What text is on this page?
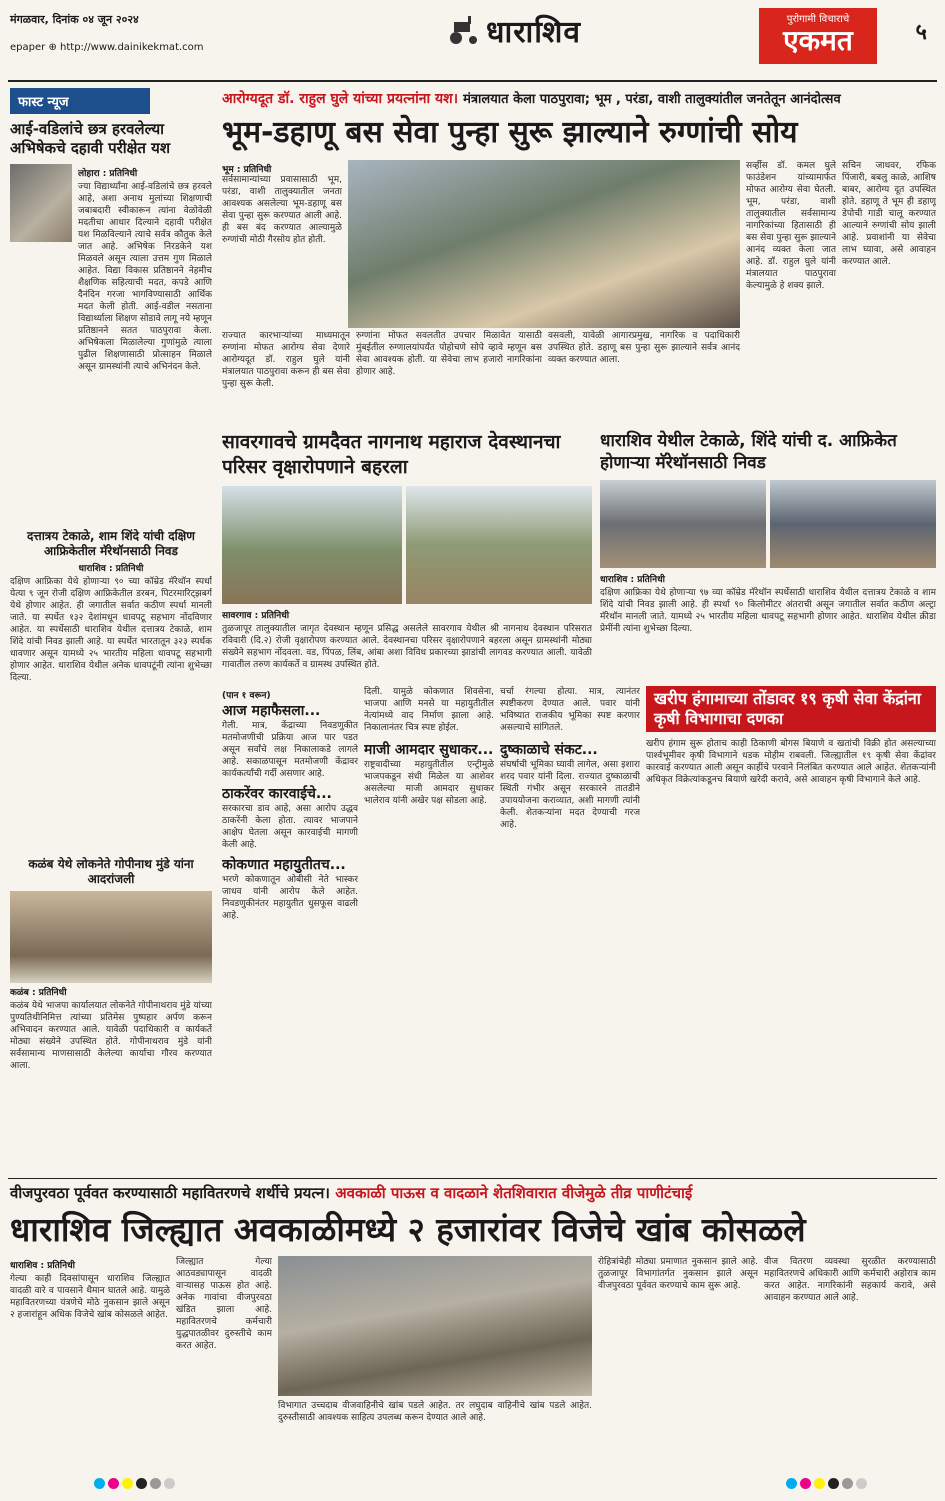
मंगळवार, दिनांक ०४ जून २०२४
epaper ⊕ http://www.dainikekmat.com	धाराशिव	पुरोगामी विचाराचे
एकमत	५
फास्ट न्यूज
आई-वडिलांचे छत्र हरवलेल्या अभिषेकचे दहावी परीक्षेत यश
लोहारा : प्रतिनिधी
ज्या विद्यार्थ्यांना आई-वडिलांचे छत्र हरवले आहे, अशा अनाथ मुलांच्या शिक्षणाची जबाबदारी स्वीकारून त्यांना वेळोवेळी मदतीचा आधार दिल्याने दहावी परीक्षेत यश मिळविल्याने त्याचे सर्वत्र कौतुक केले जात आहे. अभिषेक निरडकेने यश मिळवले असून त्याला उत्तम गुण मिळाले आहेत. विद्या विकास प्रतिष्ठानने नेहमीच शैक्षणिक सहित्याची मदत, कपडे आणि दैनंदिन गरजा भागविण्यासाठी आर्थिक मदत केली होती. आई-वडील नसताना विद्यार्थ्याला शिक्षण सोडावे लागू नये म्हणून प्रतिष्ठानने सतत पाठपुरावा केला. अभिषेकला मिळालेल्या गुणांमुळे त्याला पुढील शिक्षणासाठी प्रोत्साहन मिळाले असून ग्रामस्थांनी त्याचे अभिनंदन केले.
दत्तात्रय टेकाळे, शाम शिंदे यांची दक्षिण आफ्रिकेतील मॅरेथॉनसाठी निवड
धाराशिव : प्रतिनिधी
दक्षिण आफ्रिका येथे होणाऱ्या ९० च्या कॉम्रेड मॅरेथॉन स्पर्धा येत्या ९ जून रोजी दक्षिण आफ्रिकेतील डरबन, पिटरमारिट्झबर्ग येथे होणार आहेत. ही जगातील सर्वात कठीण स्पर्धा मानली जाते. या स्पर्धेत १३२ देशांमधून धावपटू सहभाग नोंदविणार आहेत. या स्पर्धेसाठी धाराशिव येथील दत्तात्रय टेकाळे, शाम शिंदे यांची निवड झाली आहे. या स्पर्धेत भारतातून ३२३ स्पर्धक धावणार असून यामध्ये २५ भारतीय महिला धावपटू सहभागी होणार आहेत. धाराशिव येथील अनेक धावपटूंनी त्यांना शुभेच्छा दिल्या.
कळंब येथे लोकनेते गोपीनाथ मुंडे यांना आदरांजली
कळंब : प्रतिनिधी
कळंब येथे भाजपा कार्यालयात लोकनेते गोपीनाथराव मुंडे यांच्या पुण्यतिथीनिमित्त त्यांच्या प्रतिमेस पुष्पहार अर्पण करून अभिवादन करण्यात आले. यावेळी पदाधिकारी व कार्यकर्ते मोठ्या संख्येने उपस्थित होते. गोपीनाथराव मुंडे यांनी सर्वसामान्य माणसासाठी केलेल्या कार्याचा गौरव करण्यात आला.
आरोग्यदूत डॉ. राहुल घुले यांच्या प्रयत्नांना यश। मंत्रालयात केला पाठपुरावा; भूम , परंडा, वाशी तालुक्यांतील जनतेतून आनंदोत्सव
भूम-डहाणू बस सेवा पुन्हा सुरू झाल्याने रुग्णांची सोय
भूम : प्रतिनिधी
सर्वसामान्यांच्या प्रवासासाठी भूम, परंडा, वाशी तालुक्यातील जनता आवश्यक असलेल्या भूम-डहाणू बस सेवा पुन्हा सुरू करण्यात आली आहे. ही बस बंद करण्यात आल्यामुळे रुग्णांची मोठी गैरसोय होत होती.
सर्व्हीस डॉ. कमल घुले फाउंडेशन यांच्यामार्फत मोफत आरोग्य सेवा घेतली. भूम, परंडा, वाशी तालुक्यातील सर्वसामान्य नागरिकांच्या हितासाठी ही बस सेवा पुन्हा सुरू झाल्याने आनंद व्यक्त केला जात आहे. डॉ. राहुल घुले यांनी मंत्रालयात पाठपुरावा केल्यामुळे हे शक्य झाले.
सचिन जाधवर, रफिक पिंजारी, बबलु काळे, आशिष बाबर, आरोग्य दूत उपस्थित होते. डहाणू ते भूम ही डहाणू डेपोची गाडी चालू करण्यात आल्याने रुग्णांची सोय झाली आहे. प्रवाशांनी या सेवेचा लाभ घ्यावा, असे आवाहन करण्यात आले.
राज्यात कारभाऱ्यांच्या माध्यमातून रुग्णांना मोफत आरोग्य सेवा देणारे आरोग्यदूत डॉ. राहुल घुले यांनी मंत्रालयात पाठपुरावा करून ही बस सेवा पुन्हा सुरू केली.
रुग्णांना मोफत सवलतीत उपचार मिळावेत यासाठी मुंबईतील रुग्णालयांपर्यंत पोहोचणे सोपे व्हावे म्हणून बस सेवा आवश्यक होती. या सेवेचा लाभ हजारो नागरिकांना होणार आहे.
वसवली, यावेळी आगारप्रमुख, नागरिक व पदाधिकारी उपस्थित होते. डहाणू बस पुन्हा सुरू झाल्याने सर्वत्र आनंद व्यक्त करण्यात आला.
सावरगावचे ग्रामदैवत नागनाथ महाराज देवस्थानचा परिसर वृक्षारोपणाने बहरला
सावरगाव : प्रतिनिधी
तुळजापूर तालुक्यातील जागृत देवस्थान म्हणून प्रसिद्ध असलेले सावरगाव येथील श्री नागनाथ देवस्थान परिसरात रविवारी (दि.२) रोजी वृक्षारोपण करण्यात आले. देवस्थानचा परिसर वृक्षारोपणाने बहरला असून ग्रामस्थांनी मोठ्या संख्येने सहभाग नोंदवला. वड, पिंपळ, लिंब, आंबा अशा विविध प्रकारच्या झाडांची लागवड करण्यात आली. यावेळी गावातील तरुण कार्यकर्ते व ग्रामस्थ उपस्थित होते.
धाराशिव येथील टेकाळे, शिंदे यांची द. आफ्रिकेत होणाऱ्या मॅरेथॉनसाठी निवड
धाराशिव : प्रतिनिधी
दक्षिण आफ्रिका येथे होणाऱ्या ९७ व्या कॉम्रेड मॅरेथॉन स्पर्धेसाठी धाराशिव येथील दत्तात्रय टेकाळे व शाम शिंदे यांची निवड झाली आहे. ही स्पर्धा ९० किलोमीटर अंतराची असून जगातील सर्वात कठीण अल्ट्रा मॅरेथॉन मानली जाते. यामध्ये २५ भारतीय महिला धावपटू सहभागी होणार आहेत. धाराशिव येथील क्रीडा प्रेमींनी त्यांना शुभेच्छा दिल्या.
(पान १ वरून)
आज महाफैसला...
गेली. मात्र, केंद्राच्या निवडणुकीत मतमोजणीची प्रक्रिया आज पार पडत असून सर्वांचे लक्ष निकालाकडे लागले आहे. सकाळपासून मतमोजणी केंद्रावर कार्यकर्त्यांची गर्दी असणार आहे.
ठाकरेंवर कारवाईचे...
सरकारचा डाव आहे, असा आरोप उद्धव ठाकरेंनी केला होता. त्यावर भाजपाने आक्षेप घेतला असून कारवाईची मागणी केली आहे.
कोकणात महायुतीतच...
भरणे कोकणातून ओबीसी नेते भास्कर जाधव यांनी आरोप केले आहेत. निवडणुकीनंतर महायुतीत धुसफूस वाढली आहे.
दिली. यामुळे कोकणात शिवसेना, भाजपा आणि मनसे या महायुतीतील नेत्यांमध्ये वाद निर्माण झाला आहे. निकालानंतर चित्र स्पष्ट होईल.
माजी आमदार सुधाकर...
राष्ट्रवादीच्या महायुतीतील एन्ट्रीमुळे भाजपकडून संधी मिळेल या आशेवर असलेल्या माजी आमदार सुधाकर भालेराव यांनी अखेर पक्ष सोडला आहे.
चर्चा रंगल्या होत्या. मात्र, त्यानंतर स्पष्टीकरण देण्यात आले. पवार यांनी भविष्यात राजकीय भूमिका स्पष्ट करणार असल्याचे सांगितले.
दुष्काळाचे संकट...
संघर्षाची भूमिका घ्यावी लागेल, असा इशारा शरद पवार यांनी दिला. राज्यात दुष्काळाची स्थिती गंभीर असून सरकारने तातडीने उपाययोजना कराव्यात, अशी मागणी त्यांनी केली. शेतकऱ्यांना मदत देण्याची गरज आहे.
खरीप हंगामाच्या तोंडावर १९ कृषी सेवा केंद्रांना कृषी विभागाचा दणका
खरीप हंगाम सुरू होताच काही ठिकाणी बोगस बियाणे व खतांची विक्री होत असल्याच्या पार्श्वभूमीवर कृषी विभागाने धडक मोहीम राबवली. जिल्ह्यातील १९ कृषी सेवा केंद्रांवर कारवाई करण्यात आली असून काहींचे परवाने निलंबित करण्यात आले आहेत. शेतकऱ्यांनी अधिकृत विक्रेत्यांकडूनच बियाणे खरेदी करावे, असे आवाहन कृषी विभागाने केले आहे.
वीजपुरवठा पूर्ववत करण्यासाठी महावितरणचे शर्थीचे प्रयत्न। अवकाळी पाऊस व वादळाने शेतशिवारात वीजेमुळे तीव्र पाणीटंचाई
धाराशिव जिल्ह्यात अवकाळीमध्ये २ हजारांवर विजेचे खांब कोसळले
धाराशिव : प्रतिनिधी
गेल्या काही दिवसांपासून धाराशिव जिल्ह्यात वादळी वारे व पावसाने थैमान घातले आहे. यामुळे महावितरणच्या यंत्रणेचे मोठे नुकसान झाले असून २ हजारांहून अधिक विजेचे खांब कोसळले आहेत.
जिल्ह्यात गेल्या आठवड्यापासून वादळी वाऱ्यासह पाऊस होत आहे. अनेक गावांचा वीजपुरवठा खंडित झाला आहे. महावितरणचे कर्मचारी युद्धपातळीवर दुरुस्तीचे काम करत आहेत.
विभागात उच्चदाब वीजवाहिनीचे खांब पडले आहेत. तर लघुदाब वाहिनीचे खांब पडले आहेत. दुरुस्तीसाठी आवश्यक साहित्य उपलब्ध करून देण्यात आले आहे.
रोहित्रांचेही मोठ्या प्रमाणात नुकसान झाले आहे. तुळजापूर विभागांतर्गत नुकसान झाले असून वीजपुरवठा पूर्ववत करण्याचे काम सुरू आहे.
वीज वितरण व्यवस्था सुरळीत करण्यासाठी महावितरणचे अधिकारी आणि कर्मचारी अहोरात्र काम करत आहेत. नागरिकांनी सहकार्य करावे, असे आवाहन करण्यात आले आहे.
